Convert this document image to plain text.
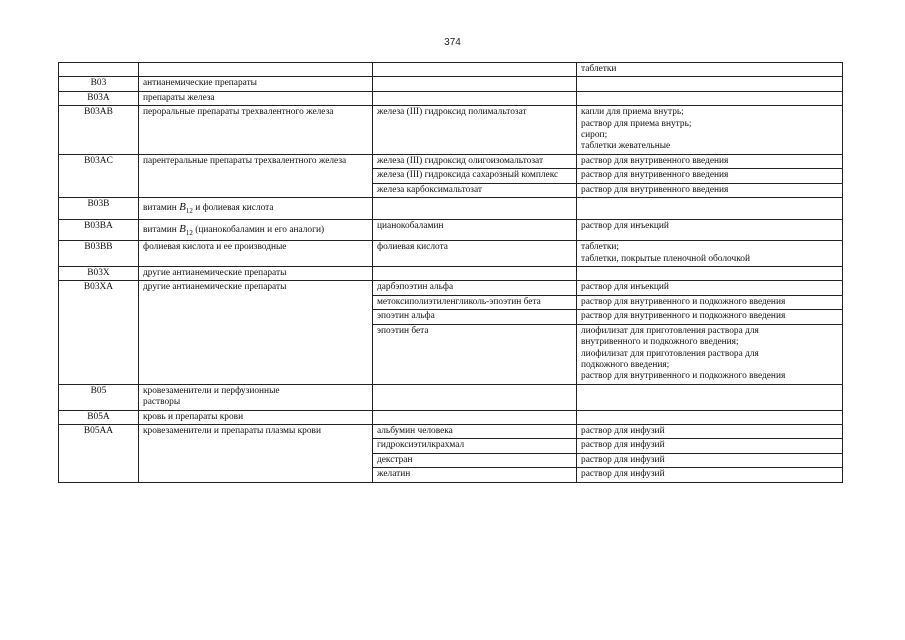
374
			таблетки
B03	антианемические препараты		
B03A	препараты железа		
B03AB	пероральные препараты трехвалентного железа	железа (III) гидроксид полимальтозат	капли для приема внутрь;
раствор для приема внутрь;
сироп;
таблетки жевательные

B03AC	парентеральные препараты трехвалентного железа	железа (III) гидроксид олигоизомальтозат	раствор для внутривенного введения
		железа (III) гидроксида сахарозный комплекс	раствор для внутривенного введения
		железа карбоксимальтозат	раствор для внутривенного введения
B03B	витамин $B_{12}$ и фолиевая кислота		
B03BA	витамин $B_{12}$ (цианокобаламин и его аналоги)	цианокобаламин	раствор для инъекций
B03BB	фолиевая кислота и ее производные	фолиевая кислота	таблетки;
таблетки, покрытые пленочной оболочкой

B03X	другие антианемические препараты		
B03XA	другие антианемические препараты	дарбэпоэтин альфа	раствор для инъекций
		метоксиполиэтиленгликоль-эпоэтин бета	раствор для внутривенного и подкожного введения
		эпоэтин альфа	раствор для внутривенного и подкожного введения
		эпоэтин бета	лиофилизат для приготовления раствора для
внутривенного и подкожного введения;
лиофилизат для приготовления раствора для
подкожного введения;
раствор для внутривенного и подкожного введения

B05	кровезаменители и перфузионные растворы		
B05A	кровь и препараты крови		
B05AA	кровезаменители и препараты плазмы крови	альбумин человека	раствор для инфузий
		гидроксиэтилкрахмал	раствор для инфузий
		декстран	раствор для инфузий
		желатин	раствор для инфузий
